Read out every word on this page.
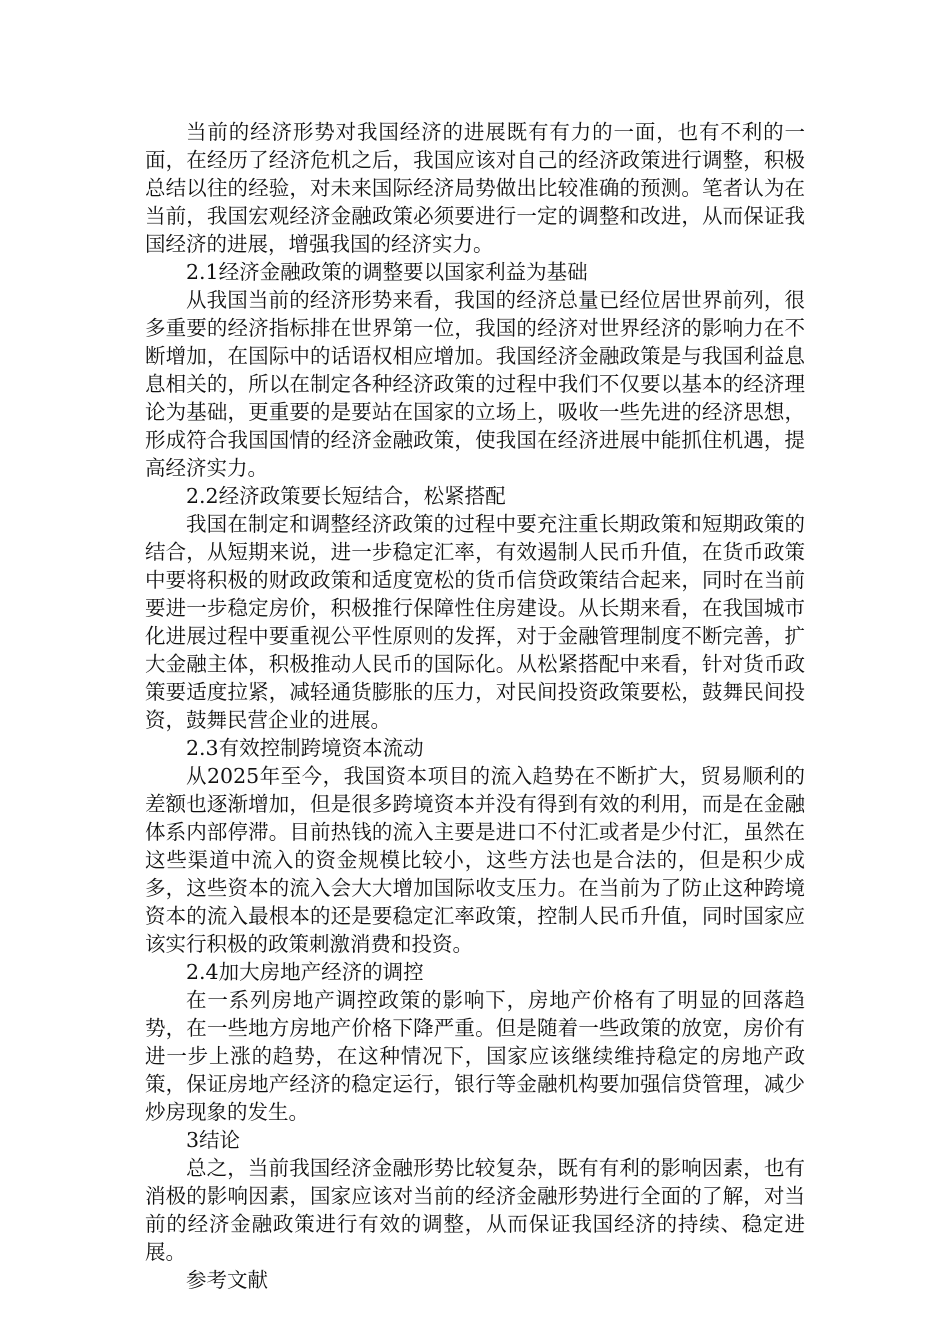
当前的经济形势对我国经济的进展既有有力的一面，也有不利的一面，在经历了经济危机之后，我国应该对自己的经济政策进行调整，积极总结以往的经验，对未来国际经济局势做出比较准确的预测。笔者认为在当前，我国宏观经济金融政策必须要进行一定的调整和改进，从而保证我国经济的进展，增强我国的经济实力。

2.1经济金融政策的调整要以国家利益为基础

从我国当前的经济形势来看，我国的经济总量已经位居世界前列，很多重要的经济指标排在世界第一位，我国的经济对世界经济的影响力在不断增加，在国际中的话语权相应增加。我国经济金融政策是与我国利益息息相关的，所以在制定各种经济政策的过程中我们不仅要以基本的经济理论为基础，更重要的是要站在国家的立场上，吸收一些先进的经济思想，形成符合我国国情的经济金融政策，使我国在经济进展中能抓住机遇，提高经济实力。

2.2经济政策要长短结合，松紧搭配

我国在制定和调整经济政策的过程中要充注重长期政策和短期政策的结合，从短期来说，进一步稳定汇率，有效遏制人民币升值，在货币政策中要将积极的财政政策和适度宽松的货币信贷政策结合起来，同时在当前要进一步稳定房价，积极推行保障性住房建设。从长期来看，在我国城市化进展过程中要重视公平性原则的发挥，对于金融管理制度不断完善，扩大金融主体，积极推动人民币的国际化。从松紧搭配中来看，针对货币政策要适度拉紧，减轻通货膨胀的压力，对民间投资政策要松，鼓舞民间投资，鼓舞民营企业的进展。

2.3有效控制跨境资本流动

从2025年至今，我国资本项目的流入趋势在不断扩大，贸易顺利的差额也逐渐增加，但是很多跨境资本并没有得到有效的利用，而是在金融体系内部停滞。目前热钱的流入主要是进口不付汇或者是少付汇，虽然在这些渠道中流入的资金规模比较小，这些方法也是合法的，但是积少成多，这些资本的流入会大大增加国际收支压力。在当前为了防止这种跨境资本的流入最根本的还是要稳定汇率政策，控制人民币升值，同时国家应该实行积极的政策刺激消费和投资。

2.4加大房地产经济的调控

在一系列房地产调控政策的影响下，房地产价格有了明显的回落趋势，在一些地方房地产价格下降严重。但是随着一些政策的放宽，房价有进一步上涨的趋势，在这种情况下，国家应该继续维持稳定的房地产政策，保证房地产经济的稳定运行，银行等金融机构要加强信贷管理，减少炒房现象的发生。

3结论

总之，当前我国经济金融形势比较复杂，既有有利的影响因素，也有消极的影响因素，国家应该对当前的经济金融形势进行全面的了解，对当前的经济金融政策进行有效的调整，从而保证我国经济的持续、稳定进展。

参考文献
